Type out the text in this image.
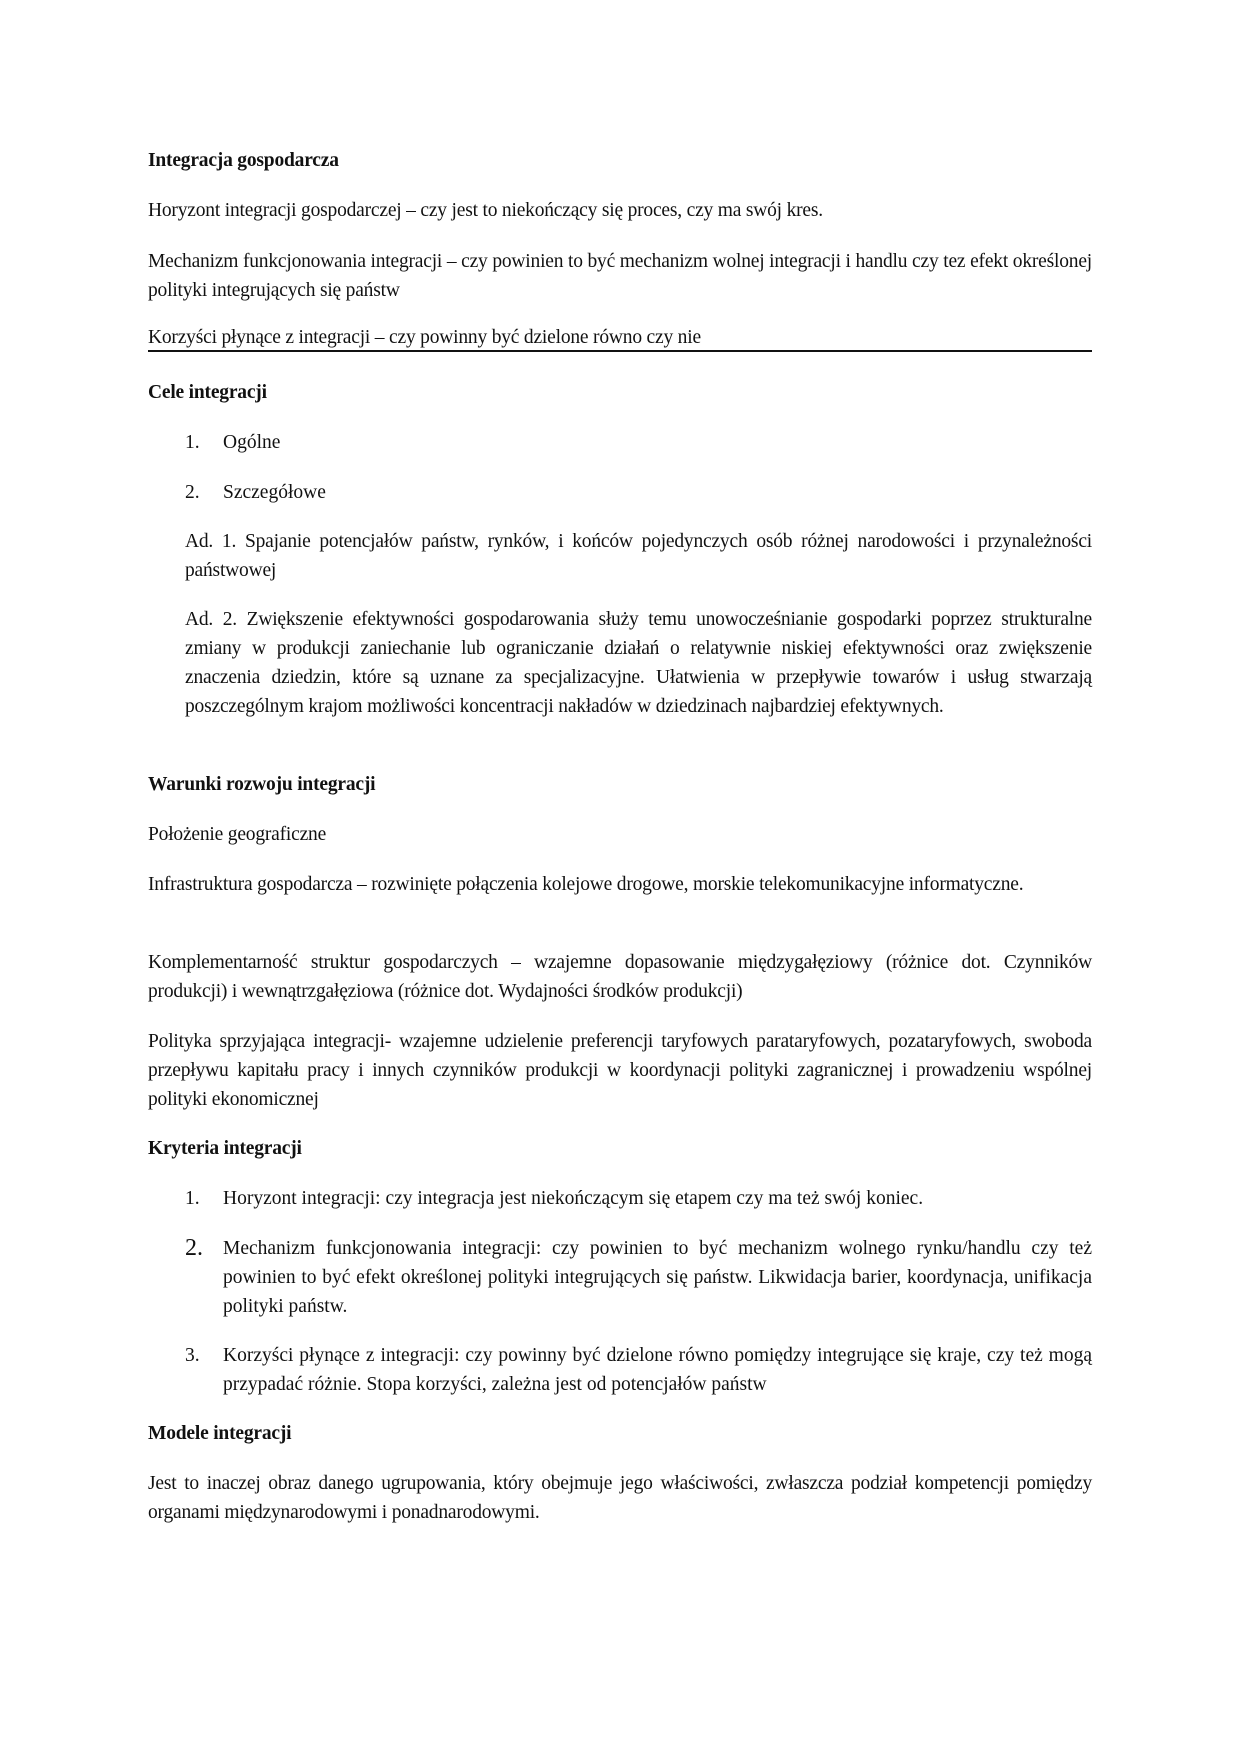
Integracja gospodarcza
Horyzont integracji gospodarczej – czy jest to niekończący się proces, czy ma swój kres.
Mechanizm funkcjonowania integracji – czy powinien to być mechanizm wolnej integracji i handlu czy tez efekt określonej polityki integrujących się państw
Korzyści płynące z integracji – czy powinny być dzielone równo czy nie
Cele integracji
1.	Ogólne
2.	Szczegółowe
Ad. 1. Spajanie potencjałów państw, rynków, i końców pojedynczych osób różnej narodowości i przynależności państwowej
Ad. 2. Zwiększenie efektywności gospodarowania służy temu unowocześnianie gospodarki poprzez strukturalne zmiany w produkcji zaniechanie lub ograniczanie działań o relatywnie niskiej efektywności oraz zwiększenie znaczenia dziedzin, które są uznane za specjalizacyjne. Ułatwienia w przepływie towarów i usług stwarzają poszczególnym krajom możliwości koncentracji nakładów w dziedzinach najbardziej efektywnych.
Warunki rozwoju integracji
Położenie geograficzne
Infrastruktura gospodarcza – rozwinięte połączenia kolejowe drogowe, morskie telekomunikacyjne informatyczne.
Komplementarność struktur gospodarczych – wzajemne dopasowanie międzygałęziowy (różnice dot. Czynników produkcji) i wewnątrzgałęziowa (różnice dot. Wydajności środków produkcji)
Polityka sprzyjająca integracji- wzajemne udzielenie preferencji taryfowych parataryfowych, pozataryfowych, swoboda przepływu kapitału pracy i innych czynników produkcji w koordynacji polityki zagranicznej i prowadzeniu wspólnej polityki ekonomicznej
Kryteria integracji
1.	Horyzont integracji: czy integracja jest niekończącym się etapem czy ma też swój koniec.
2.	Mechanizm funkcjonowania integracji: czy powinien to być mechanizm wolnego rynku/handlu czy też powinien to być efekt określonej polityki integrujących się państw. Likwidacja barier, koordynacja, unifikacja polityki państw.
3.	Korzyści płynące z integracji: czy powinny być dzielone równo pomiędzy integrujące się kraje, czy też mogą przypadać różnie. Stopa korzyści, zależna jest od potencjałów państw
Modele integracji
Jest to inaczej obraz danego ugrupowania, który obejmuje jego właściwości, zwłaszcza podział kompetencji pomiędzy organami międzynarodowymi i ponadnarodowymi.
